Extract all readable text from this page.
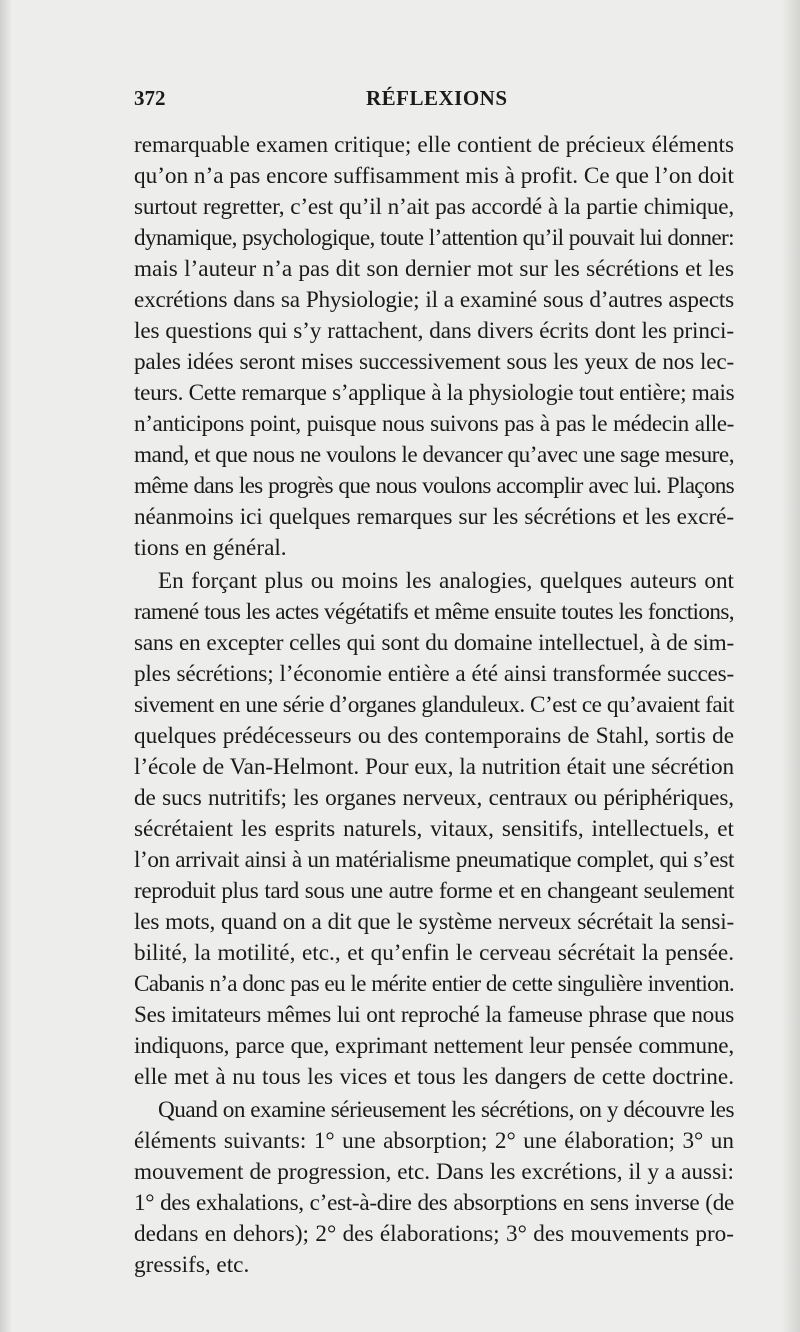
372	RÉFLEXIONS
remarquable examen critique; elle contient de précieux éléments
qu’on n’a pas encore suffisamment mis à profit. Ce que l’on doit
surtout regretter, c’est qu’il n’ait pas accordé à la partie chimique,
dynamique, psychologique, toute l’attention qu’il pouvait lui donner:
mais l’auteur n’a pas dit son dernier mot sur les sécrétions et les
excrétions dans sa Physiologie; il a examiné sous d’autres aspects
les questions qui s’y rattachent, dans divers écrits dont les princi-
pales idées seront mises successivement sous les yeux de nos lec-
teurs. Cette remarque s’applique à la physiologie tout entière; mais
n’anticipons point, puisque nous suivons pas à pas le médecin alle-
mand, et que nous ne voulons le devancer qu’avec une sage mesure,
même dans les progrès que nous voulons accomplir avec lui. Plaçons
néanmoins ici quelques remarques sur les sécrétions et les excré-
tions en général.
En forçant plus ou moins les analogies, quelques auteurs ont
ramené tous les actes végétatifs et même ensuite toutes les fonctions,
sans en excepter celles qui sont du domaine intellectuel, à de sim-
ples sécrétions; l’économie entière a été ainsi transformée succes-
sivement en une série d’organes glanduleux. C’est ce qu’avaient fait
quelques prédécesseurs ou des contemporains de Stahl, sortis de
l’école de Van-Helmont. Pour eux, la nutrition était une sécrétion
de sucs nutritifs; les organes nerveux, centraux ou périphériques,
sécrétaient les esprits naturels, vitaux, sensitifs, intellectuels, et
l’on arrivait ainsi à un matérialisme pneumatique complet, qui s’est
reproduit plus tard sous une autre forme et en changeant seulement
les mots, quand on a dit que le système nerveux sécrétait la sensi-
bilité, la motilité, etc., et qu’enfin le cerveau sécrétait la pensée.
Cabanis n’a donc pas eu le mérite entier de cette singulière invention.
Ses imitateurs mêmes lui ont reproché la fameuse phrase que nous
indiquons, parce que, exprimant nettement leur pensée commune,
elle met à nu tous les vices et tous les dangers de cette doctrine.
Quand on examine sérieusement les sécrétions, on y découvre les
éléments suivants: 1° une absorption; 2° une élaboration; 3° un
mouvement de progression, etc. Dans les excrétions, il y a aussi:
1° des exhalations, c’est-à-dire des absorptions en sens inverse (de
dedans en dehors); 2° des élaborations; 3° des mouvements pro-
gressifs, etc.
